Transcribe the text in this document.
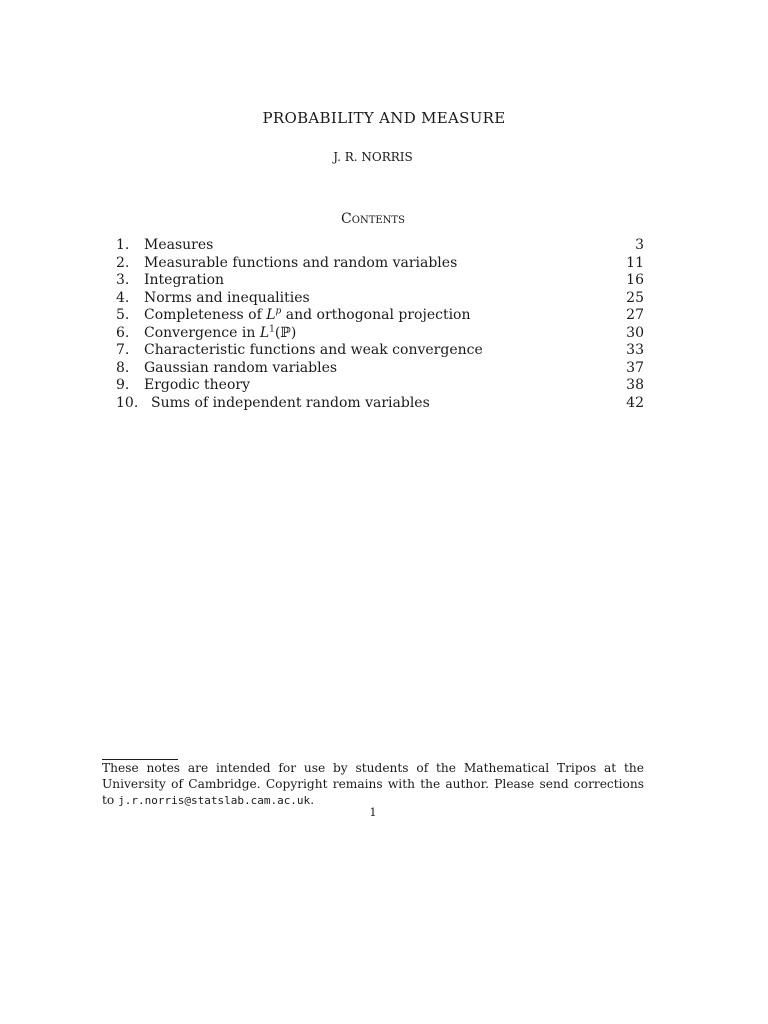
PROBABILITY AND MEASURE
J. R. NORRIS
Contents
1. Measures	3
2. Measurable functions and random variables	11
3. Integration	16
4. Norms and inequalities	25
5. Completeness of $L^p$ and orthogonal projection	27
6. Convergence in $L^1(ℙ)$	30
7. Characteristic functions and weak convergence	33
8. Gaussian random variables	37
9. Ergodic theory	38
10. Sums of independent random variables	42
These notes are intended for use by students of the Mathematical Tripos at the University of Cambridge. Copyright remains with the author. Please send corrections to j.r.norris@statslab.cam.ac.uk.
1
